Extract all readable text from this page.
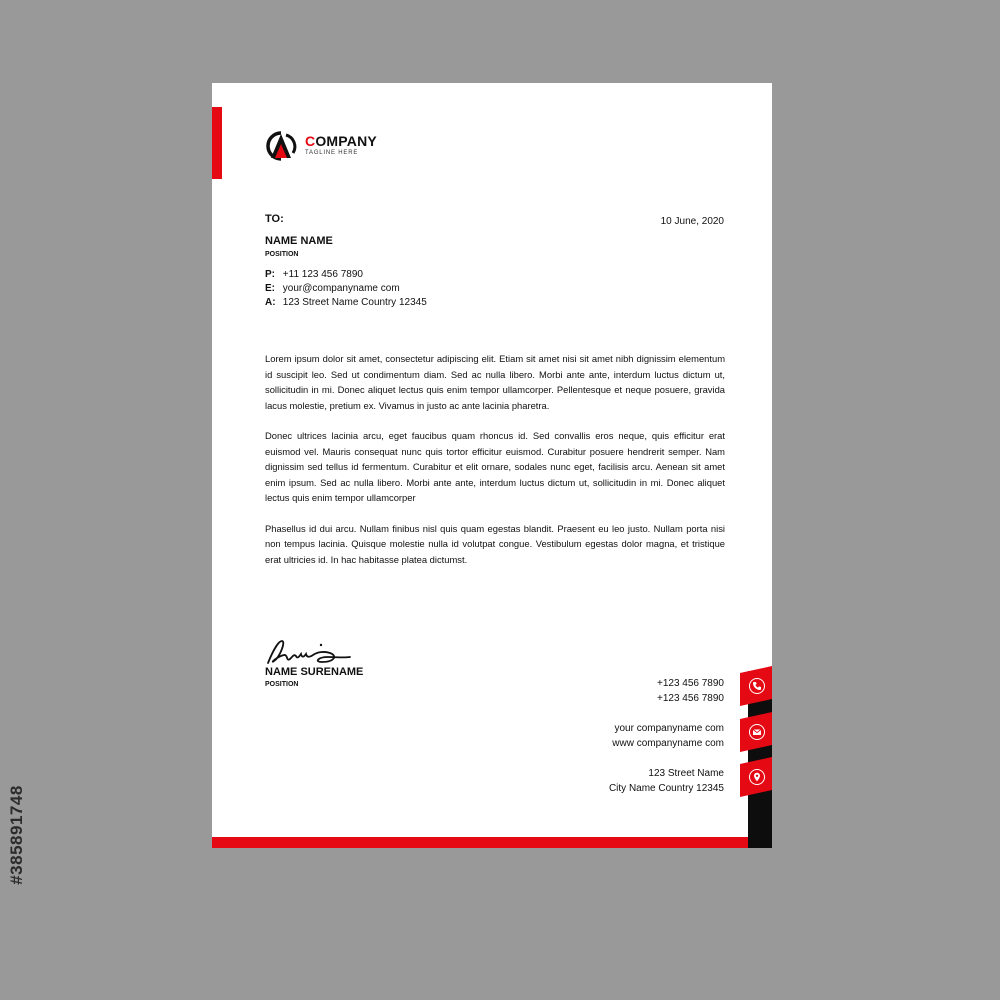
#385891748
COMPANY
TAGLINE HERE
TO:	10 June, 2020
NAME NAME
POSITION
P: +11 123 456 7890
E: your@companyname com
A: 123 Street Name Country 12345

Lorem ipsum dolor sit amet, consectetur adipiscing elit. Etiam sit amet nisi sit amet nibh dignissim elementum id suscipit leo. Sed ut condimentum diam. Sed ac nulla libero. Morbi ante ante, interdum luctus dictum ut, sollicitudin in mi. Donec aliquet lectus quis enim tempor ullamcorper. Pellentesque et neque posuere, gravida lacus molestie, pretium ex. Vivamus in justo ac ante lacinia pharetra.

Donec ultrices lacinia arcu, eget faucibus quam rhoncus id. Sed convallis eros neque, quis efficitur erat euismod vel. Mauris consequat nunc quis tortor efficitur euismod. Curabitur posuere hendrerit semper. Nam dignissim sed tellus id fermentum. Curabitur et elit ornare, sodales nunc eget, facilisis arcu. Aenean sit amet enim ipsum. Sed ac nulla libero. Morbi ante ante, interdum luctus dictum ut, sollicitudin in mi. Donec aliquet lectus quis enim tempor ullamcorper

Phasellus id dui arcu. Nullam finibus nisl quis quam egestas blandit. Praesent eu leo justo. Nullam porta nisi non tempus lacinia. Quisque molestie nulla id volutpat congue. Vestibulum egestas dolor magna, et tristique erat ultricies id. In hac habitasse platea dictumst.

NAME SURENAME
POSITION	+123 456 7890
+123 456 7890
your companyname com
www companyname com
123 Street Name
City Name Country 12345
